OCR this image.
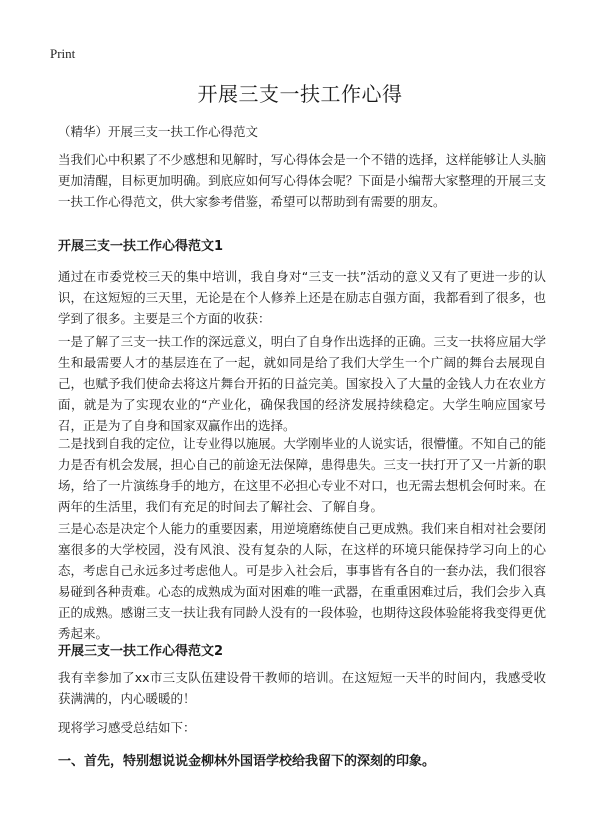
Print
开展三支一扶工作心得

（精华）开展三支一扶工作心得范文

当我们心中积累了不少感想和见解时，写心得体会是一个不错的选择，这样能够让人头脑更加清醒，目标更加明确。到底应如何写心得体会呢？下面是小编帮大家整理的开展三支一扶工作心得范文，供大家参考借鉴，希望可以帮助到有需要的朋友。

开展三支一扶工作心得范文1

通过在市委党校三天的集中培训，我自身对“三支一扶”活动的意义又有了更进一步的认识，在这短短的三天里，无论是在个人修养上还是在励志自强方面，我都看到了很多，也学到了很多。主要是三个方面的收获：

一是了解了三支一扶工作的深远意义，明白了自身作出选择的正确。三支一扶将应届大学生和最需要人才的基层连在了一起，就如同是给了我们大学生一个广阔的舞台去展现自己，也赋予我们使命去将这片舞台开拓的日益完美。国家投入了大量的金钱人力在农业方面，就是为了实现农业的“产业化，确保我国的经济发展持续稳定。大学生响应国家号召，正是为了自身和国家双赢作出的选择。

二是找到自我的定位，让专业得以施展。大学刚毕业的人说实话，很懵懂。不知自己的能力是否有机会发展，担心自己的前途无法保障，患得患失。三支一扶打开了又一片新的职场，给了一片演练身手的地方，在这里不必担心专业不对口，也无需去想机会何时来。在两年的生活里，我们有充足的时间去了解社会、了解自身。

三是心态是决定个人能力的重要因素，用逆境磨练使自己更成熟。我们来自相对社会要闭塞很多的大学校园，没有风浪、没有复杂的人际，在这样的环境只能保持学习向上的心态，考虑自己永远多过考虑他人。可是步入社会后，事事皆有各自的一套办法，我们很容易碰到各种责难。心态的成熟成为面对困难的唯一武器，在重重困难过后，我们会步入真正的成熟。感谢三支一扶让我有同龄人没有的一段体验，也期待这段体验能将我变得更优秀起来。

开展三支一扶工作心得范文2

我有幸参加了xx市三支队伍建设骨干教师的培训。在这短短一天半的时间内，我感受收获满满的，内心暖暖的！

现将学习感受总结如下：

一、首先，特别想说说金柳林外国语学校给我留下的深刻的印象。
